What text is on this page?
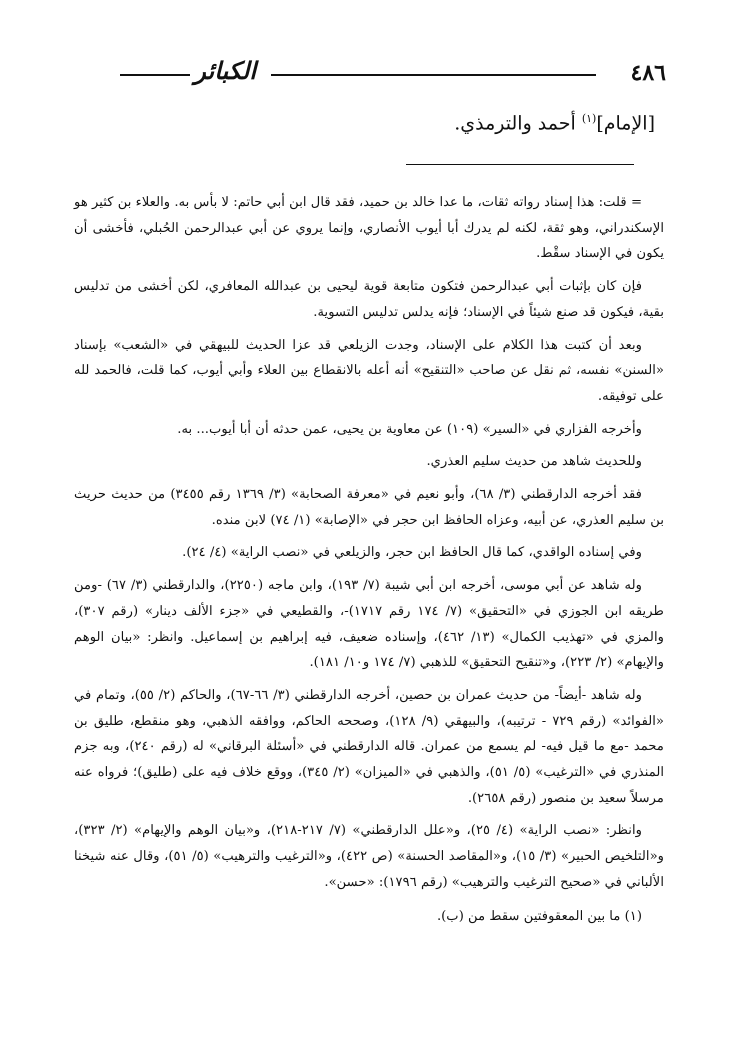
٤٨٦
الكبائر
[الإمام]$^{(١)}$ أحمد والترمذي.

= قلت: هذا إسناد رواته ثقات، ما عدا خالد بن حميد، فقد قال ابن أبي حاتم: لا بأس به. والعلاء بن كثير هو الإسكندراني، وهو ثقة، لكنه لم يدرك أبا أيوب الأنصاري، وإنما يروي عن أبي عبدالرحمن الحُبلي، فأخشى أن يكون في الإسناد سقْط.

فإن كان بإثبات أبي عبدالرحمن فتكون متابعة قوية ليحيى بن عبدالله المعافري، لكن أخشى من تدليس بقية، فيكون قد صنع شيئاً في الإسناد؛ فإنه يدلس تدليس التسوية.

وبعد أن كتبت هذا الكلام على الإسناد، وجدت الزيلعي قد عزا الحديث للبيهقي في «الشعب» بإسناد «السنن» نفسه، ثم نقل عن صاحب «التنقيح» أنه أعله بالانقطاع بين العلاء وأبي أيوب، كما قلت، فالحمد لله على توفيقه.

وأخرجه الفزاري في «السير» (١٠٩) عن معاوية بن يحيى، عمن حدثه أن أبا أيوب... به.

وللحديث شاهد من حديث سليم العذري.

فقد أخرجه الدارقطني (٣/ ٦٨)، وأبو نعيم في «معرفة الصحابة» (٣/ ١٣٦٩ رقم ٣٤٥٥) من حديث حريث بن سليم العذري، عن أبيه، وعزاه الحافظ ابن حجر في «الإصابة» (١/ ٧٤) لابن منده.

وفي إسناده الواقدي، كما قال الحافظ ابن حجر، والزيلعي في «نصب الراية» (٤/ ٢٤).

وله شاهد عن أبي موسى، أخرجه ابن أبي شيبة (٧/ ١٩٣)، وابن ماجه (٢٢٥٠)، والدارقطني (٣/ ٦٧) -ومن طريقه ابن الجوزي في «التحقيق» (٧/ ١٧٤ رقم ١٧١٧)-، والقطيعي في «جزء الألف دينار» (رقم ٣٠٧)، والمزي في «تهذيب الكمال» (١٣/ ٤٦٢)، وإسناده ضعيف، فيه إبراهيم بن إسماعيل. وانظر: «بيان الوهم والإيهام» (٢/ ٢٢٣)، و«تنقيح التحقيق» للذهبي (٧/ ١٧٤ و١٠/ ١٨١).

وله شاهد -أيضاً- من حديث عمران بن حصين، أخرجه الدارقطني (٣/ ٦٦-٦٧)، والحاكم (٢/ ٥٥)، وتمام في «الفوائد» (رقم ٧٢٩ - ترتيبه)، والبيهقي (٩/ ١٢٨)، وصححه الحاكم، ووافقه الذهبي، وهو منقطع، طليق بن محمد -مع ما قيل فيه- لم يسمع من عمران. قاله الدارقطني في «أسئلة البرقاني» له (رقم ٢٤٠)، وبه جزم المنذري في «الترغيب» (٥/ ٥١)، والذهبي في «الميزان» (٢/ ٣٤٥)، ووقع خلاف فيه على (طليق)؛ فرواه عنه مرسلاً سعيد بن منصور (رقم ٢٦٥٨).

وانظر: «نصب الراية» (٤/ ٢٥)، و«علل الدارقطني» (٧/ ٢١٧-٢١٨)، و«بيان الوهم والإيهام» (٢/ ٣٢٣)، و«التلخيص الحبير» (٣/ ١٥)، و«المقاصد الحسنة» (ص ٤٢٢)، و«الترغيب والترهيب» (٥/ ٥١)، وقال عنه شيخنا الألباني في «صحيح الترغيب والترهيب» (رقم ١٧٩٦): «حسن».

(١) ما بين المعقوفتين سقط من (ب).
